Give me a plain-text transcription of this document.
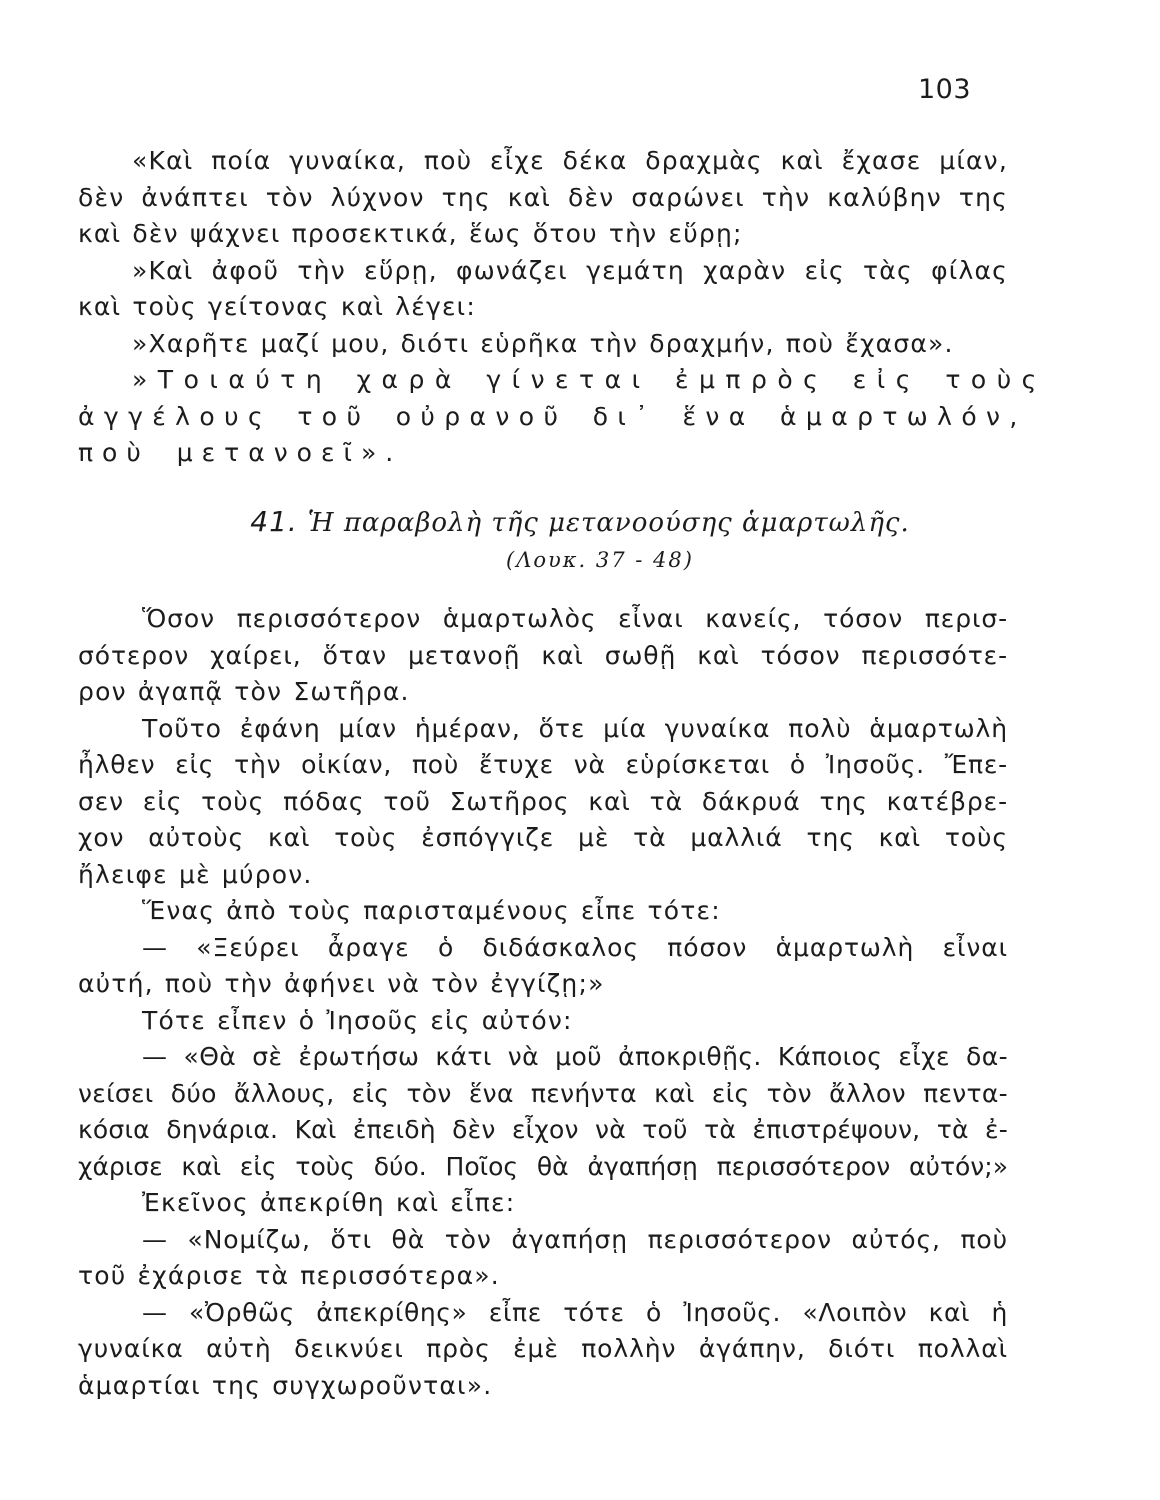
103

«Καὶ ποία γυναίκα, ποὺ εἶχε δέκα δραχμὰς καὶ ἔχασε μίαν,
δὲν ἀνάπτει τὸν λύχνον της καὶ δὲν σαρώνει τὴν καλύβην της
καὶ δὲν ψάχνει προσεκτικά, ἕως ὅτου τὴν εὕρῃ;

»Καὶ ἀφοῦ τὴν εὕρῃ, φωνάζει γεμάτη χαρὰν εἰς τὰς φίλας
καὶ τοὺς γείτονας καὶ λέγει:

»Χαρῆτε μαζί μου, διότι εὑρῆκα τὴν δραχμήν, ποὺ ἔχασα».

»Τοιαύτη χαρὰ γίνεται ἐμπρὸς εἰς τοὺς
ἀγγέλους τοῦ οὐρανοῦ δι᾽ ἕνα ἁμαρτωλόν,
ποὺ μετανοεῖ».

41. Ἡ παραβολὴ τῆς μετανοούσης ἁμαρτωλῆς.
(Λουκ. 37 - 48)

Ὅσον περισσότερον ἁμαρτωλὸς εἶναι κανείς, τόσον περισ-
σότερον χαίρει, ὅταν μετανοῇ καὶ σωθῇ καὶ τόσον περισσότε-
ρον ἀγαπᾷ τὸν Σωτῆρα.

Τοῦτο ἐφάνη μίαν ἡμέραν, ὅτε μία γυναίκα πολὺ ἁμαρτωλὴ
ἦλθεν εἰς τὴν οἰκίαν, ποὺ ἔτυχε νὰ εὑρίσκεται ὁ Ἰησοῦς. Ἔπε-
σεν εἰς τοὺς πόδας τοῦ Σωτῆρος καὶ τὰ δάκρυά της κατέβρε-
χον αὐτοὺς καὶ τοὺς ἐσπόγγιζε μὲ τὰ μαλλιά της καὶ τοὺς
ἤλειφε μὲ μύρον.

Ἕνας ἀπὸ τοὺς παρισταμένους εἶπε τότε:

— «Ξεύρει ἆραγε ὁ διδάσκαλος πόσον ἁμαρτωλὴ εἶναι
αὐτή, ποὺ τὴν ἀφήνει νὰ τὸν ἐγγίζῃ;»

Τότε εἶπεν ὁ Ἰησοῦς εἰς αὐτόν:

— «Θὰ σὲ ἐρωτήσω κάτι νὰ μοῦ ἀποκριθῇς. Κάποιος εἶχε δα-
νείσει δύο ἄλλους, εἰς τὸν ἕνα πενήντα καὶ εἰς τὸν ἄλλον πεντα-
κόσια δηνάρια. Καὶ ἐπειδὴ δὲν εἶχον νὰ τοῦ τὰ ἐπιστρέψουν, τὰ ἐ-
χάρισε καὶ εἰς τοὺς δύο. Ποῖος θὰ ἀγαπήσῃ περισσότερον αὐτόν;»

Ἐκεῖνος ἀπεκρίθη καὶ εἶπε:

— «Νομίζω, ὅτι θὰ τὸν ἀγαπήσῃ περισσότερον αὐτός, ποὺ
τοῦ ἐχάρισε τὰ περισσότερα».

— «Ὀρθῶς ἀπεκρίθης» εἶπε τότε ὁ Ἰησοῦς. «Λοιπὸν καὶ ἡ
γυναίκα αὐτὴ δεικνύει πρὸς ἐμὲ πολλὴν ἀγάπην, διότι πολλαὶ
ἁμαρτίαι της συγχωροῦνται».
